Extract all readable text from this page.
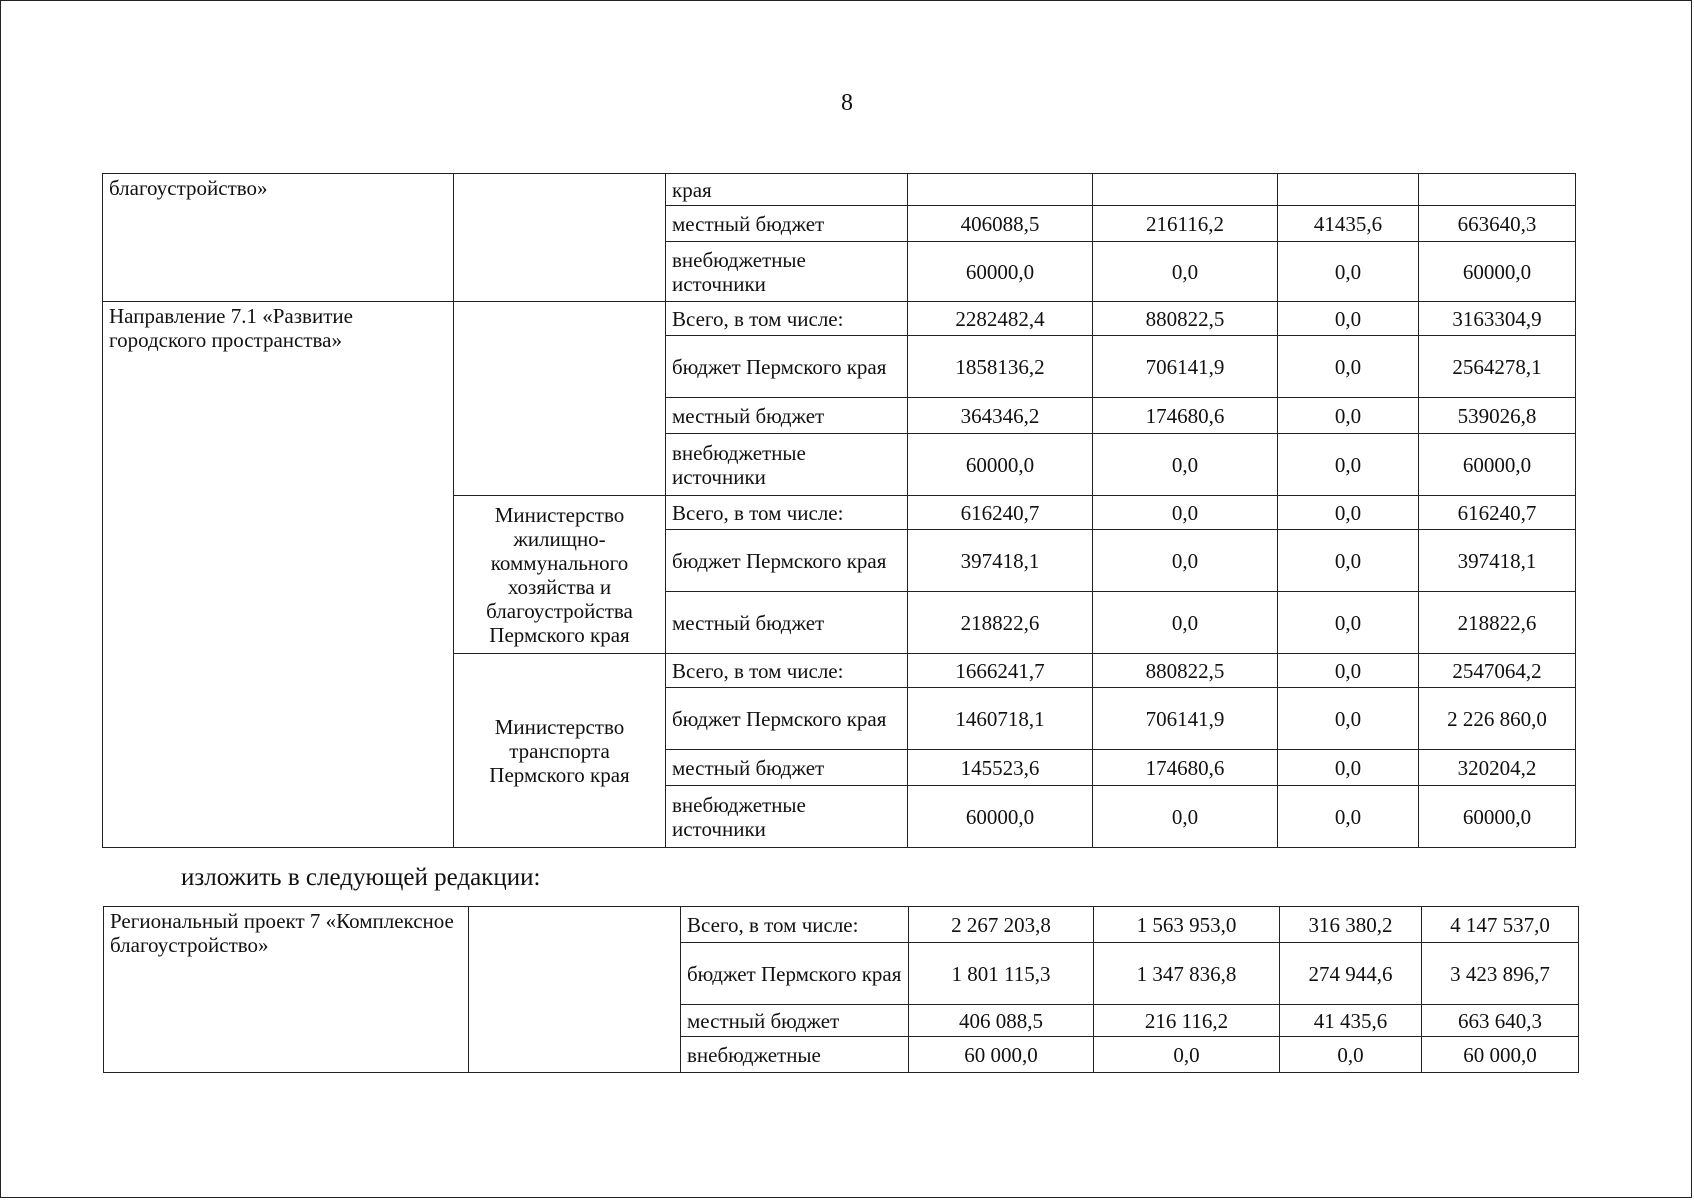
8
благоустройство»		края				
		местный бюджет	406088,5	216116,2	41435,6	663640,3
		внебюджетные источники	60000,0	0,0	0,0	60000,0
Направление 7.1 «Развитие городского пространства»		Всего, в том числе:	2282482,4	880822,5	0,0	3163304,9
		бюджет Пермского края	1858136,2	706141,9	0,0	2564278,1
		местный бюджет	364346,2	174680,6	0,0	539026,8
		внебюджетные источники	60000,0	0,0	0,0	60000,0
	Министерство жилищно-коммунального хозяйства и благоустройства Пермского края	Всего, в том числе:	616240,7	0,0	0,0	616240,7
		бюджет Пермского края	397418,1	0,0	0,0	397418,1
		местный бюджет	218822,6	0,0	0,0	218822,6
	Министерство транспорта Пермского края	Всего, в том числе:	1666241,7	880822,5	0,0	2547064,2
		бюджет Пермского края	1460718,1	706141,9	0,0	2 226 860,0
		местный бюджет	145523,6	174680,6	0,0	320204,2
		внебюджетные источники	60000,0	0,0	0,0	60000,0
изложить в следующей редакции:
Региональный проект 7 «Комплексное благоустройство»		Всего, в том числе:	2 267 203,8	1 563 953,0	316 380,2	4 147 537,0
		бюджет Пермского края	1 801 115,3	1 347 836,8	274 944,6	3 423 896,7
		местный бюджет	406 088,5	216 116,2	41 435,6	663 640,3
		внебюджетные	60 000,0	0,0	0,0	60 000,0
